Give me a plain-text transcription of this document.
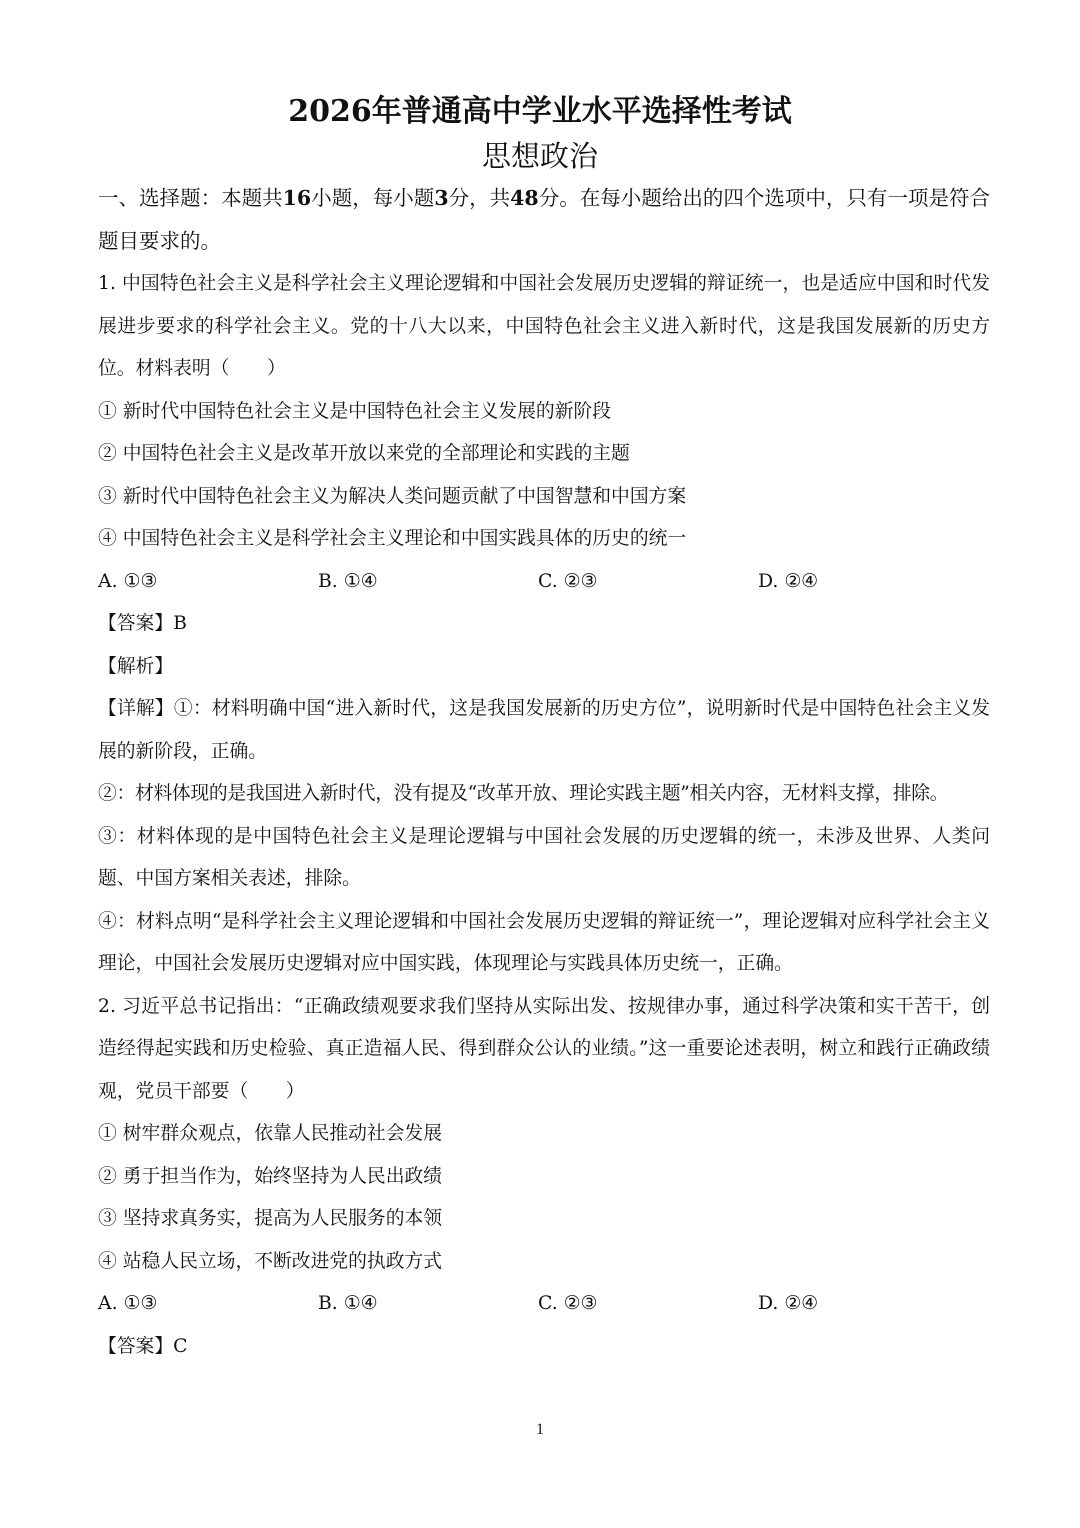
2026年普通高中学业水平选择性考试
思想政治

一、选择题：本题共16小题，每小题3分，共48分。在每小题给出的四个选项中，只有一项是符合题目要求的。

1. 中国特色社会主义是科学社会主义理论逻辑和中国社会发展历史逻辑的辩证统一，也是适应中国和时代发展进步要求的科学社会主义。党的十八大以来，中国特色社会主义进入新时代，这是我国发展新的历史方位。材料表明（　　）

① 新时代中国特色社会主义是中国特色社会主义发展的新阶段

② 中国特色社会主义是改革开放以来党的全部理论和实践的主题

③ 新时代中国特色社会主义为解决人类问题贡献了中国智慧和中国方案

④ 中国特色社会主义是科学社会主义理论和中国实践具体的历史的统一

A. ①③	B. ①④	C. ②③	D. ②④

【答案】B

【解析】

【详解】①：材料明确中国“进入新时代，这是我国发展新的历史方位”，说明新时代是中国特色社会主义发展的新阶段，正确。

②：材料体现的是我国进入新时代，没有提及“改革开放、理论实践主题”相关内容，无材料支撑，排除。

③：材料体现的是中国特色社会主义是理论逻辑与中国社会发展的历史逻辑的统一，未涉及世界、人类问题、中国方案相关表述，排除。

④：材料点明“是科学社会主义理论逻辑和中国社会发展历史逻辑的辩证统一”，理论逻辑对应科学社会主义理论，中国社会发展历史逻辑对应中国实践，体现理论与实践具体历史统一，正确。

2. 习近平总书记指出：“正确政绩观要求我们坚持从实际出发、按规律办事，通过科学决策和实干苦干，创造经得起实践和历史检验、真正造福人民、得到群众公认的业绩。”这一重要论述表明，树立和践行正确政绩观，党员干部要（　　）

① 树牢群众观点，依靠人民推动社会发展

② 勇于担当作为，始终坚持为人民出政绩

③ 坚持求真务实，提高为人民服务的本领

④ 站稳人民立场，不断改进党的执政方式

A. ①③	B. ①④	C. ②③	D. ②④

【答案】C

1
